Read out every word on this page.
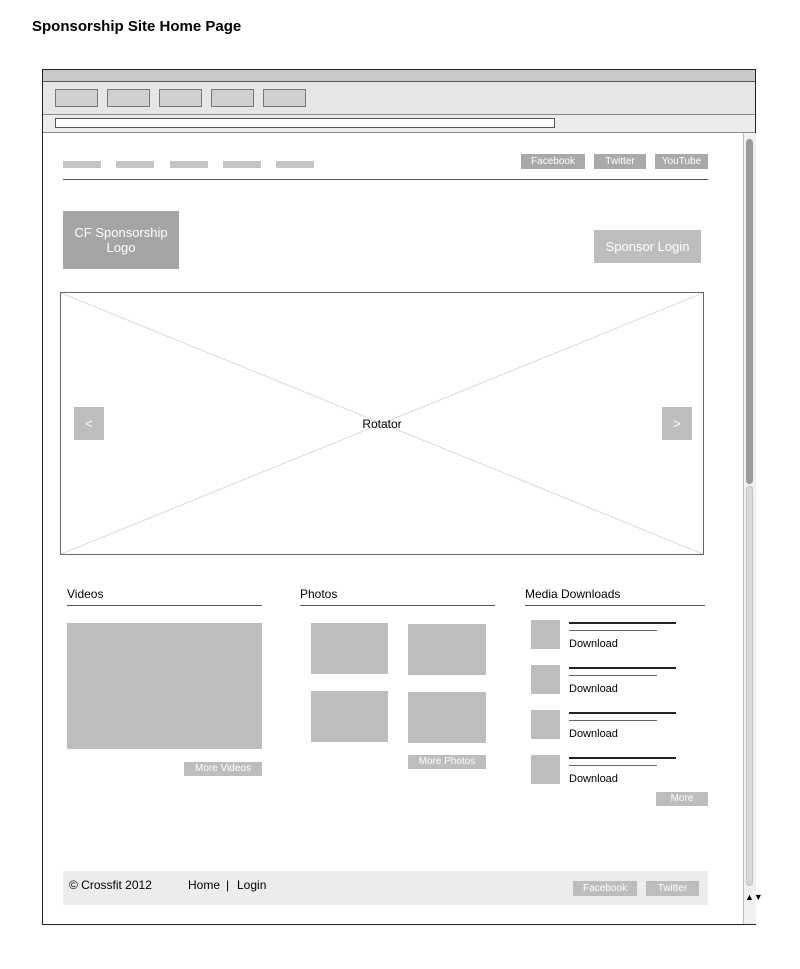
Sponsorship Site Home Page
Facebook	Twitter	YouTube
CF Sponsorship Logo	Sponsor Login
<	>
Rotator
Videos
More Videos
Photos
More Photos
Media Downloads
Download
Download
Download
Download
More
© Crossfit 2012	Home | Login	Facebook	Twitter
▲▼
